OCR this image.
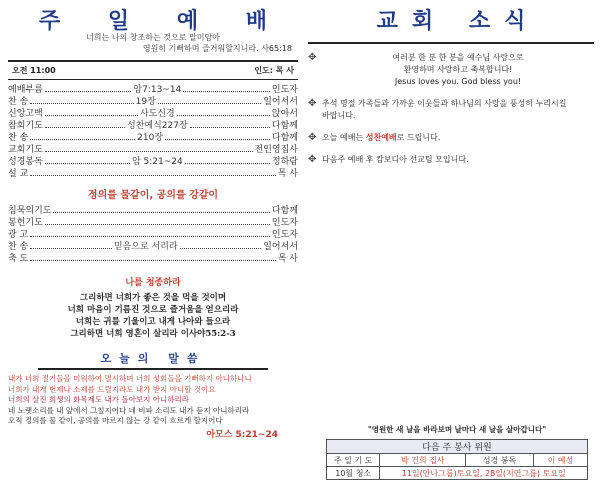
주 일 예 배
너희는 나의 창조하는 것으로 말미암아
영원히 기뻐하며 즐거워할지니라. 사65:18
오전 11:00	인도: 목 사
예배부름	암7:13~14	인도자
찬 송	19장	일어서서
신앙고백	사도신경	앉아서
참회기도	성찬예식227장	다함께
찬 송	210장	다함께
교회기도	전인영집사
성경봉독	암 5:21~24	정하람
설 교	목 사
정의를 물같이, 공의를 강같이
침묵의기도	다함께
봉헌기도	인도자
광 고	인도자
찬 송	믿음으로 서리라	일어서서
축 도	목 사
나를 청종하라
그리하면 너희가 좋은 것을 먹을 것이며
너희 마음이 기름진 것으로 즐거움을 얻으리라
너희는 귀를 기울이고 내게 나아와 들으라
그리하면 너희 영혼이 살리라 이사야55:2-3
오늘의 말씀

내가 너희 절기들을 미워하여 멸시하며 너희 성회들을 기뻐하지 아니하나니

너희가 내게 번제나 소제를 드릴지라도 내가 받지 아니할 것이요

너희의 살진 희생의 화목제도 내가 돌아보지 아니하리라

네 노랫소리를 내 앞에서 그칠지어다 네 비파 소리도 내가 듣지 아니하리라

오직 정의를 물 같이, 공의를 마르지 않는 강 같이 흐르게 할지어다

아모스 5:21~24
교회 소식
✥	여러분 한 분 한 분을 예수님 사랑으로
환영하며 사랑하고 축복합니다!
Jesus loves you. God bless you!
✥ 추석 명절 가족들과 가까운 이웃들과 하나님의 사랑을 풍성히 누리시길
바랍니다.
✥ 오늘 예배는 성찬예배로 드립니다.
✥ 다음주 예배 후 캄보디아 선교팀 모입니다.
"영원한 새 날을 바라보며 날마다 새 날을 살아갑니다"
다음 주 봉사 위원			
주 일 기 도	박 건희 집사	성경 봉독	이 예성
10월 청소	11일(안나그룹)토요일, 28일(지연그룹) 토요일		
